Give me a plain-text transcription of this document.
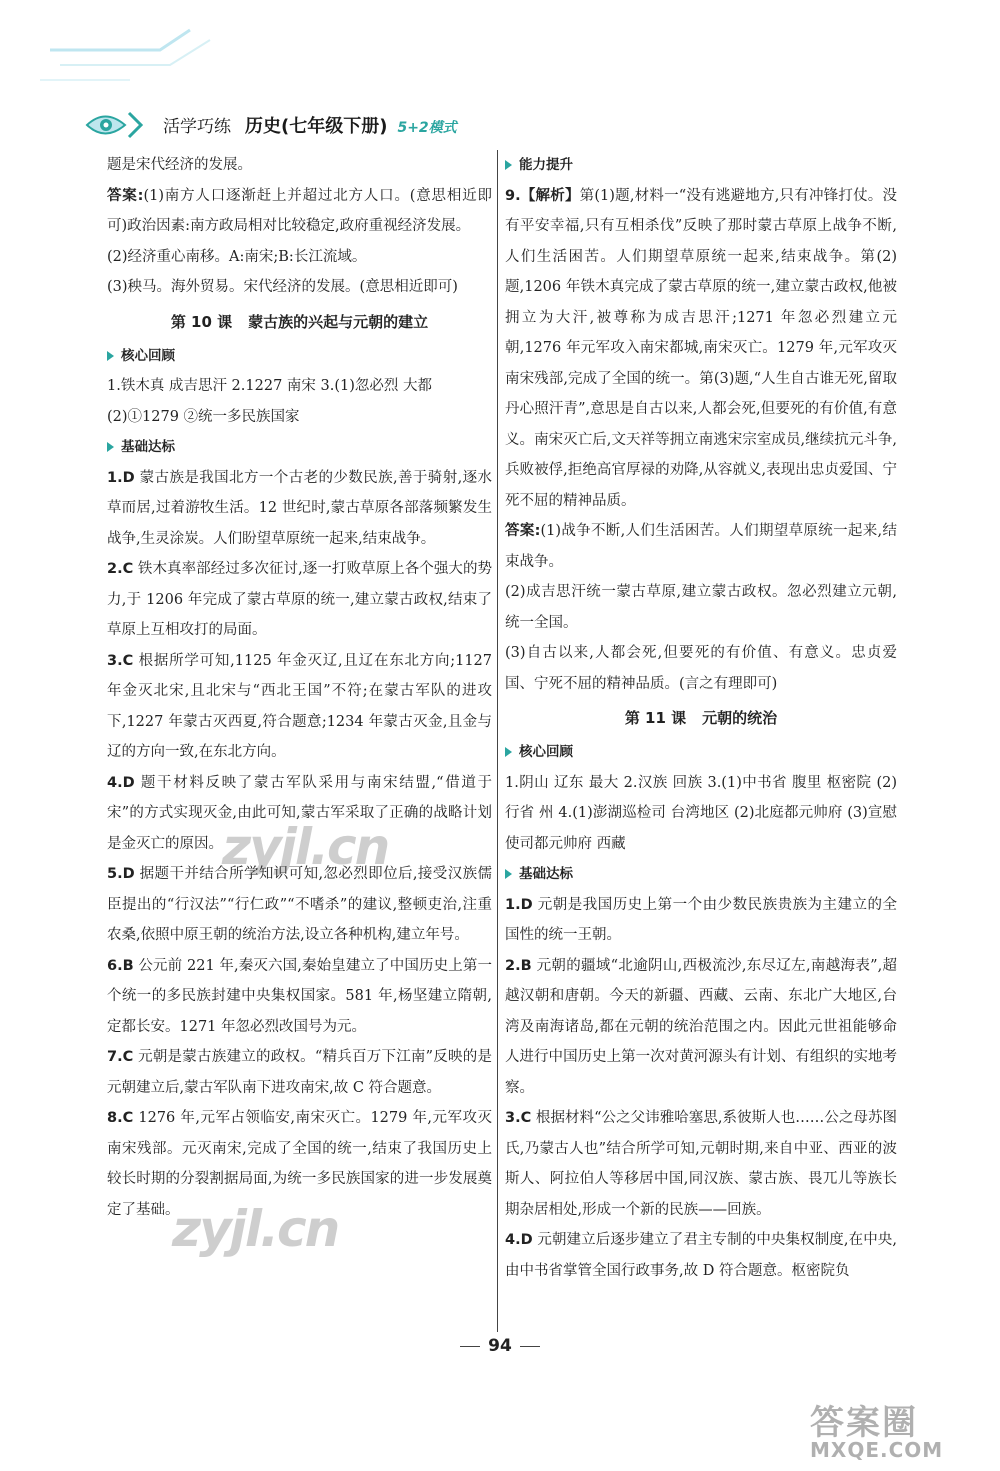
活学巧练 历史(七年级下册) 5+2模式

题是宋代经济的发展。

答案:(1)南方人口逐渐赶上并超过北方人口。(意思相近即可)政治因素:南方政局相对比较稳定,政府重视经济发展。

(2)经济重心南移。A:南宋;B:长江流域。

(3)秧马。海外贸易。宋代经济的发展。(意思相近即可)

第 10 课 蒙古族的兴起与元朝的建立
核心回顾

1.铁木真 成吉思汗 2.1227 南宋 3.(1)忽必烈 大都

(2)①1279 ②统一多民族国家

基础达标

1.D 蒙古族是我国北方一个古老的少数民族,善于骑射,逐水草而居,过着游牧生活。12 世纪时,蒙古草原各部落频繁发生战争,生灵涂炭。人们盼望草原统一起来,结束战争。

2.C 铁木真率部经过多次征讨,逐一打败草原上各个强大的势力,于 1206 年完成了蒙古草原的统一,建立蒙古政权,结束了草原上互相攻打的局面。

3.C 根据所学可知,1125 年金灭辽,且辽在东北方向;1127 年金灭北宋,且北宋与“西北王国”不符;在蒙古军队的进攻下,1227 年蒙古灭西夏,符合题意;1234 年蒙古灭金,且金与辽的方向一致,在东北方向。

4.D 题干材料反映了蒙古军队采用与南宋结盟,“借道于宋”的方式实现灭金,由此可知,蒙古军采取了正确的战略计划是金灭亡的原因。

5.D 据题干并结合所学知识可知,忽必烈即位后,接受汉族儒臣提出的“行汉法”“行仁政”“不嗜杀”的建议,整顿吏治,注重农桑,依照中原王朝的统治方法,设立各种机构,建立年号。

6.B 公元前 221 年,秦灭六国,秦始皇建立了中国历史上第一个统一的多民族封建中央集权国家。581 年,杨坚建立隋朝,定都长安。1271 年忽必烈改国号为元。

7.C 元朝是蒙古族建立的政权。“精兵百万下江南”反映的是元朝建立后,蒙古军队南下进攻南宋,故 C 符合题意。

8.C 1276 年,元军占领临安,南宋灭亡。1279 年,元军攻灭南宋残部。元灭南宋,完成了全国的统一,结束了我国历史上较长时期的分裂割据局面,为统一多民族国家的进一步发展奠定了基础。

能力提升

9.【解析】第(1)题,材料一“没有逃避地方,只有冲锋打仗。没有平安幸福,只有互相杀伐”反映了那时蒙古草原上战争不断,人们生活困苦。人们期望草原统一起来,结束战争。第(2)题,1206 年铁木真完成了蒙古草原的统一,建立蒙古政权,他被拥立为大汗,被尊称为成吉思汗;1271 年忽必烈建立元朝,1276 年元军攻入南宋都城,南宋灭亡。1279 年,元军攻灭南宋残部,完成了全国的统一。第(3)题,“人生自古谁无死,留取丹心照汗青”,意思是自古以来,人都会死,但要死的有价值,有意义。南宋灭亡后,文天祥等拥立南逃宋宗室成员,继续抗元斗争,兵败被俘,拒绝高官厚禄的劝降,从容就义,表现出忠贞爱国、宁死不屈的精神品质。

答案:(1)战争不断,人们生活困苦。人们期望草原统一起来,结束战争。

(2)成吉思汗统一蒙古草原,建立蒙古政权。忽必烈建立元朝,统一全国。

(3)自古以来,人都会死,但要死的有价值、有意义。忠贞爱国、宁死不屈的精神品质。(言之有理即可)

第 11 课 元朝的统治
核心回顾

1.阴山 辽东 最大 2.汉族 回族 3.(1)中书省 腹里 枢密院 (2)行省 州 4.(1)澎湖巡检司 台湾地区 (2)北庭都元帅府 (3)宣慰使司都元帅府 西藏

基础达标

1.D 元朝是我国历史上第一个由少数民族贵族为主建立的全国性的统一王朝。

2.B 元朝的疆域“北逾阴山,西极流沙,东尽辽左,南越海表”,超越汉朝和唐朝。今天的新疆、西藏、云南、东北广大地区,台湾及南海诸岛,都在元朝的统治范围之内。因此元世祖能够命人进行中国历史上第一次对黄河源头有计划、有组织的实地考察。

3.C 根据材料“公之父讳雅哈塞思,系彼斯人也……公之母苏图氏,乃蒙古人也”结合所学可知,元朝时期,来自中亚、西亚的波斯人、阿拉伯人等移居中国,同汉族、蒙古族、畏兀儿等族长期杂居相处,形成一个新的民族——回族。

4.D 元朝建立后逐步建立了君主专制的中央集权制度,在中央,由中书省掌管全国行政事务,故 D 符合题意。枢密院负

zyjl.cn
zyjl.cn
94
答案圈
MXQE.COM
